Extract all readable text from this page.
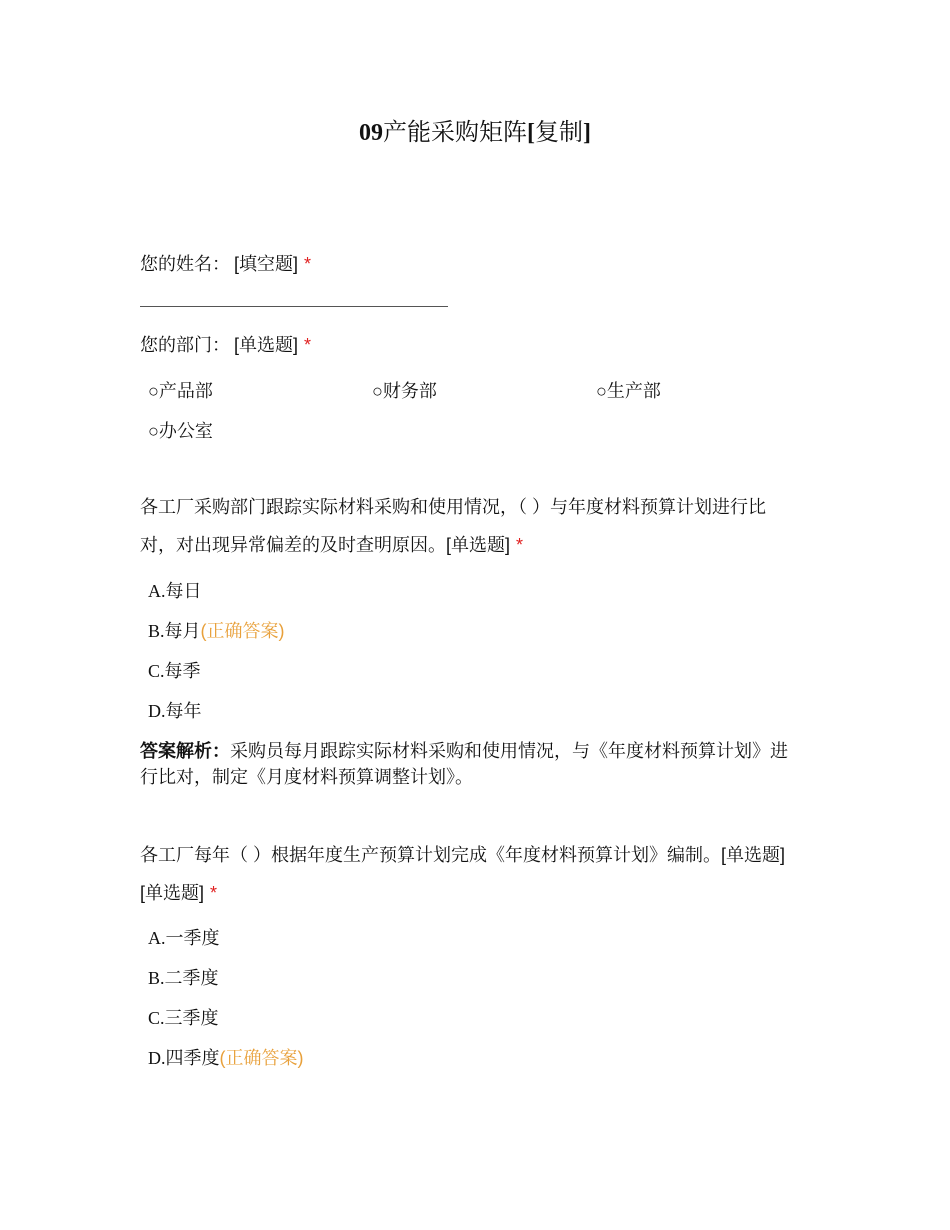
09产能采购矩阵[复制]
您的姓名： [填空题] *
您的部门： [单选题] *
○产品部	○财务部	○生产部
○办公室
各工厂采购部门跟踪实际材料采购和使用情况，（ ）与年度材料预算计划进行比
对，对出现异常偏差的及时查明原因。[单选题] *
A.每日
B.每月(正确答案)
C.每季
D.每年
答案解析：采购员每月跟踪实际材料采购和使用情况，与《年度材料预算计划》进
行比对，制定《月度材料预算调整计划》。
各工厂每年（ ）根据年度生产预算计划完成《年度材料预算计划》编制。[单选题]
[单选题] *
A.一季度
B.二季度
C.三季度
D.四季度(正确答案)
